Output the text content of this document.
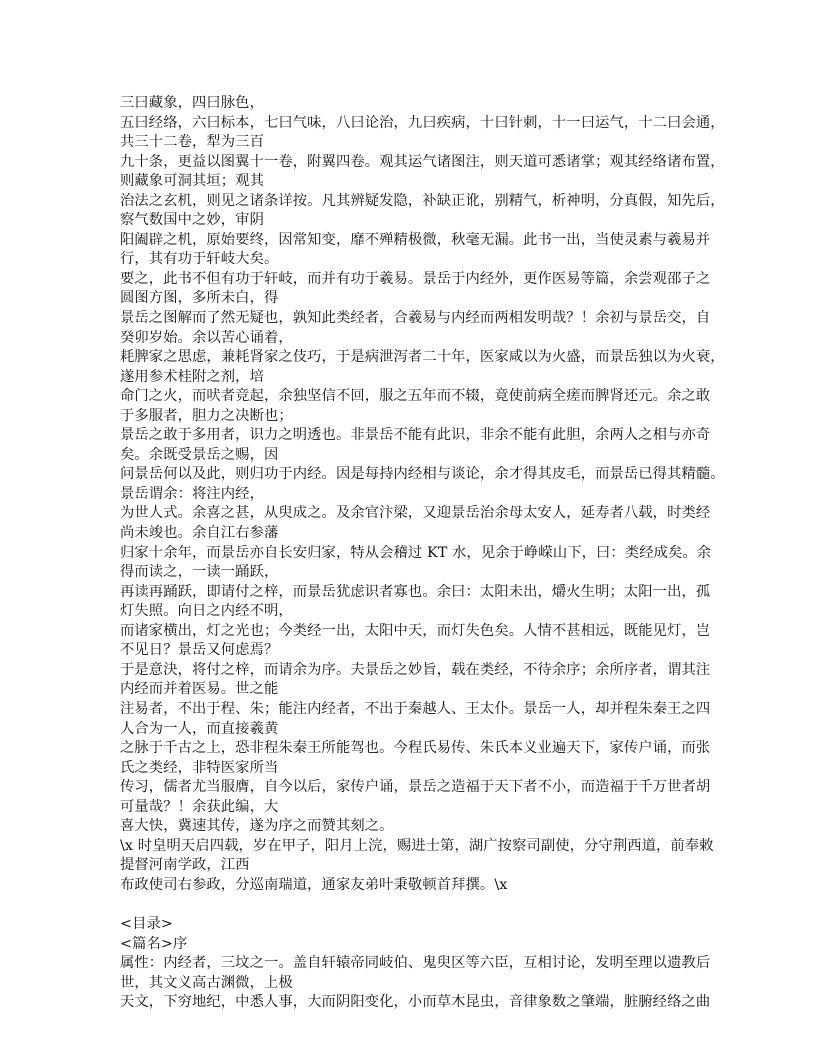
三曰藏象，四曰脉色，
五曰经络，六曰标本，七曰气味，八曰论治，九曰疾病，十曰针刺，十一曰运气，十二曰会通，
共三十二卷，犁为三百
九十条，更益以图翼十一卷，附翼四卷。观其运气诸图注，则天道可悉诸掌；观其经络诸布置，
则藏象可洞其垣；观其
治法之玄机，则见之诸条详按。凡其辨疑发隐，补缺正讹，别精气，析神明，分真假，知先后，
察气数国中之妙，审阴
阳阖辟之机，原始要终，因常知变，靡不殚精极微，秋毫无漏。此书一出，当使灵素与羲易并
行，其有功于轩岐大矣。
要之，此书不但有功于轩岐，而并有功于羲易。景岳于内经外，更作医易等篇，余尝观邵子之
圆图方图，多所未白，得
景岳之图解而了然无疑也，孰知此类经者，合羲易与内经而两相发明哉？！余初与景岳交，自
癸卯岁始。余以苦心诵着，
耗脾家之思虑，兼耗肾家之伎巧，于是病泄泻者二十年，医家咸以为火盛，而景岳独以为火衰，
遂用参术桂附之剂，培
命门之火，而吠者竞起，余独坚信不回，服之五年而不辍，竟使前病全瘥而脾肾还元。余之敢
于多服者，胆力之决断也；
景岳之敢于多用者，识力之明透也。非景岳不能有此识，非余不能有此胆，余两人之相与亦奇
矣。余既受景岳之赐，因
问景岳何以及此，则归功于内经。因是每持内经相与谈论，余才得其皮毛，而景岳已得其精髓。
景岳谓余：将注内经，
为世人式。余喜之甚，从臾成之。及余官汴梁，又迎景岳治余母太安人，延寿者八载，时类经
尚未竣也。余自江右参藩
归家十余年，而景岳亦自长安归家，特从会稽过 KT 水，见余于峥嵘山下，曰：类经成矣。余
得而读之，一读一踊跃，
再读再踊跃，即请付之梓，而景岳犹虑识者寡也。余曰：太阳未出，爝火生明；太阳一出，孤
灯失照。向日之内经不明，
而诸家横出，灯之光也；今类经一出，太阳中天，而灯失色矣。人情不甚相远，既能见灯，岂
不见日？景岳又何虑焉？
于是意決，将付之梓，而请余为序。夫景岳之妙旨，载在类经，不待余序；余所序者，谓其注
内经而并着医易。世之能
注易者，不出于程、朱；能注内经者，不出于秦越人、王太仆。景岳一人，却并程朱秦王之四
人合为一人，而直接羲黄
之脉于千古之上，恐非程朱秦王所能驾也。今程氏易传、朱氏本义业遍天下，家传户诵，而张
氏之类经，非特医家所当
传习，儒者尤当服膺，自今以后，家传户诵，景岳之造福于天下者不小，而造福于千万世者胡
可量哉？！余获此编，大
喜大快，冀速其传，遂为序之而赞其刻之。
\x 时皇明天启四载，岁在甲子，阳月上浣，赐进士第，湖广按察司副使，分守荆西道，前奉敕
提督河南学政，江西
布政使司右参政，分巡南瑞道，通家友弟叶秉敬顿首拜撰。\x
<目录>
<篇名>序
属性：内经者，三坟之一。盖自轩辕帝同岐伯、鬼臾区等六臣，互相讨论，发明至理以遗教后
世，其文义高古渊微，上极
天文，下穷地纪，中悉人事，大而阴阳变化，小而草木昆虫，音律象数之肇端，脏腑经络之曲
